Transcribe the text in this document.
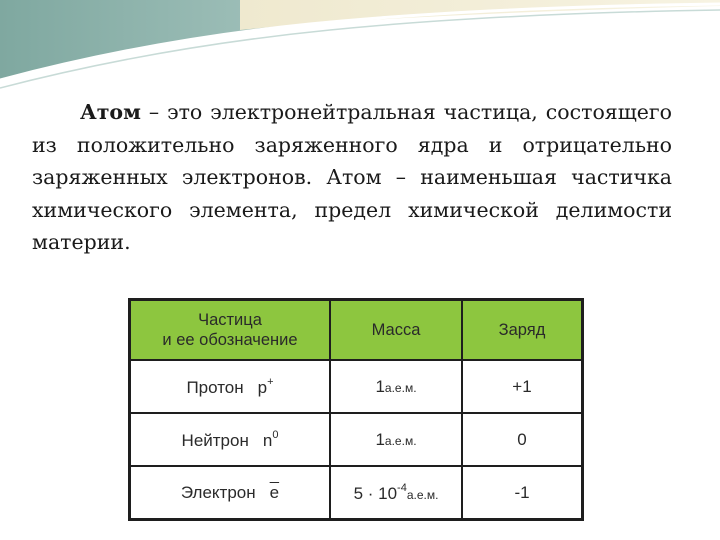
Атом – это электронейтральная частица, состоящего из положительно заряженного ядра и отрицательно заряженных электронов. Атом – наименьшая частичка химического элемента, предел химической делимости материи.

Частица
и ее обозначение	Масса	Заряд
Протон p+	1а.е.м.	+1
Нейтрон $n^0$	1а.е.м.	0
Электрон $\overline{e}$	$5 \cdot 10^{-4}а.е.м$.	-1
